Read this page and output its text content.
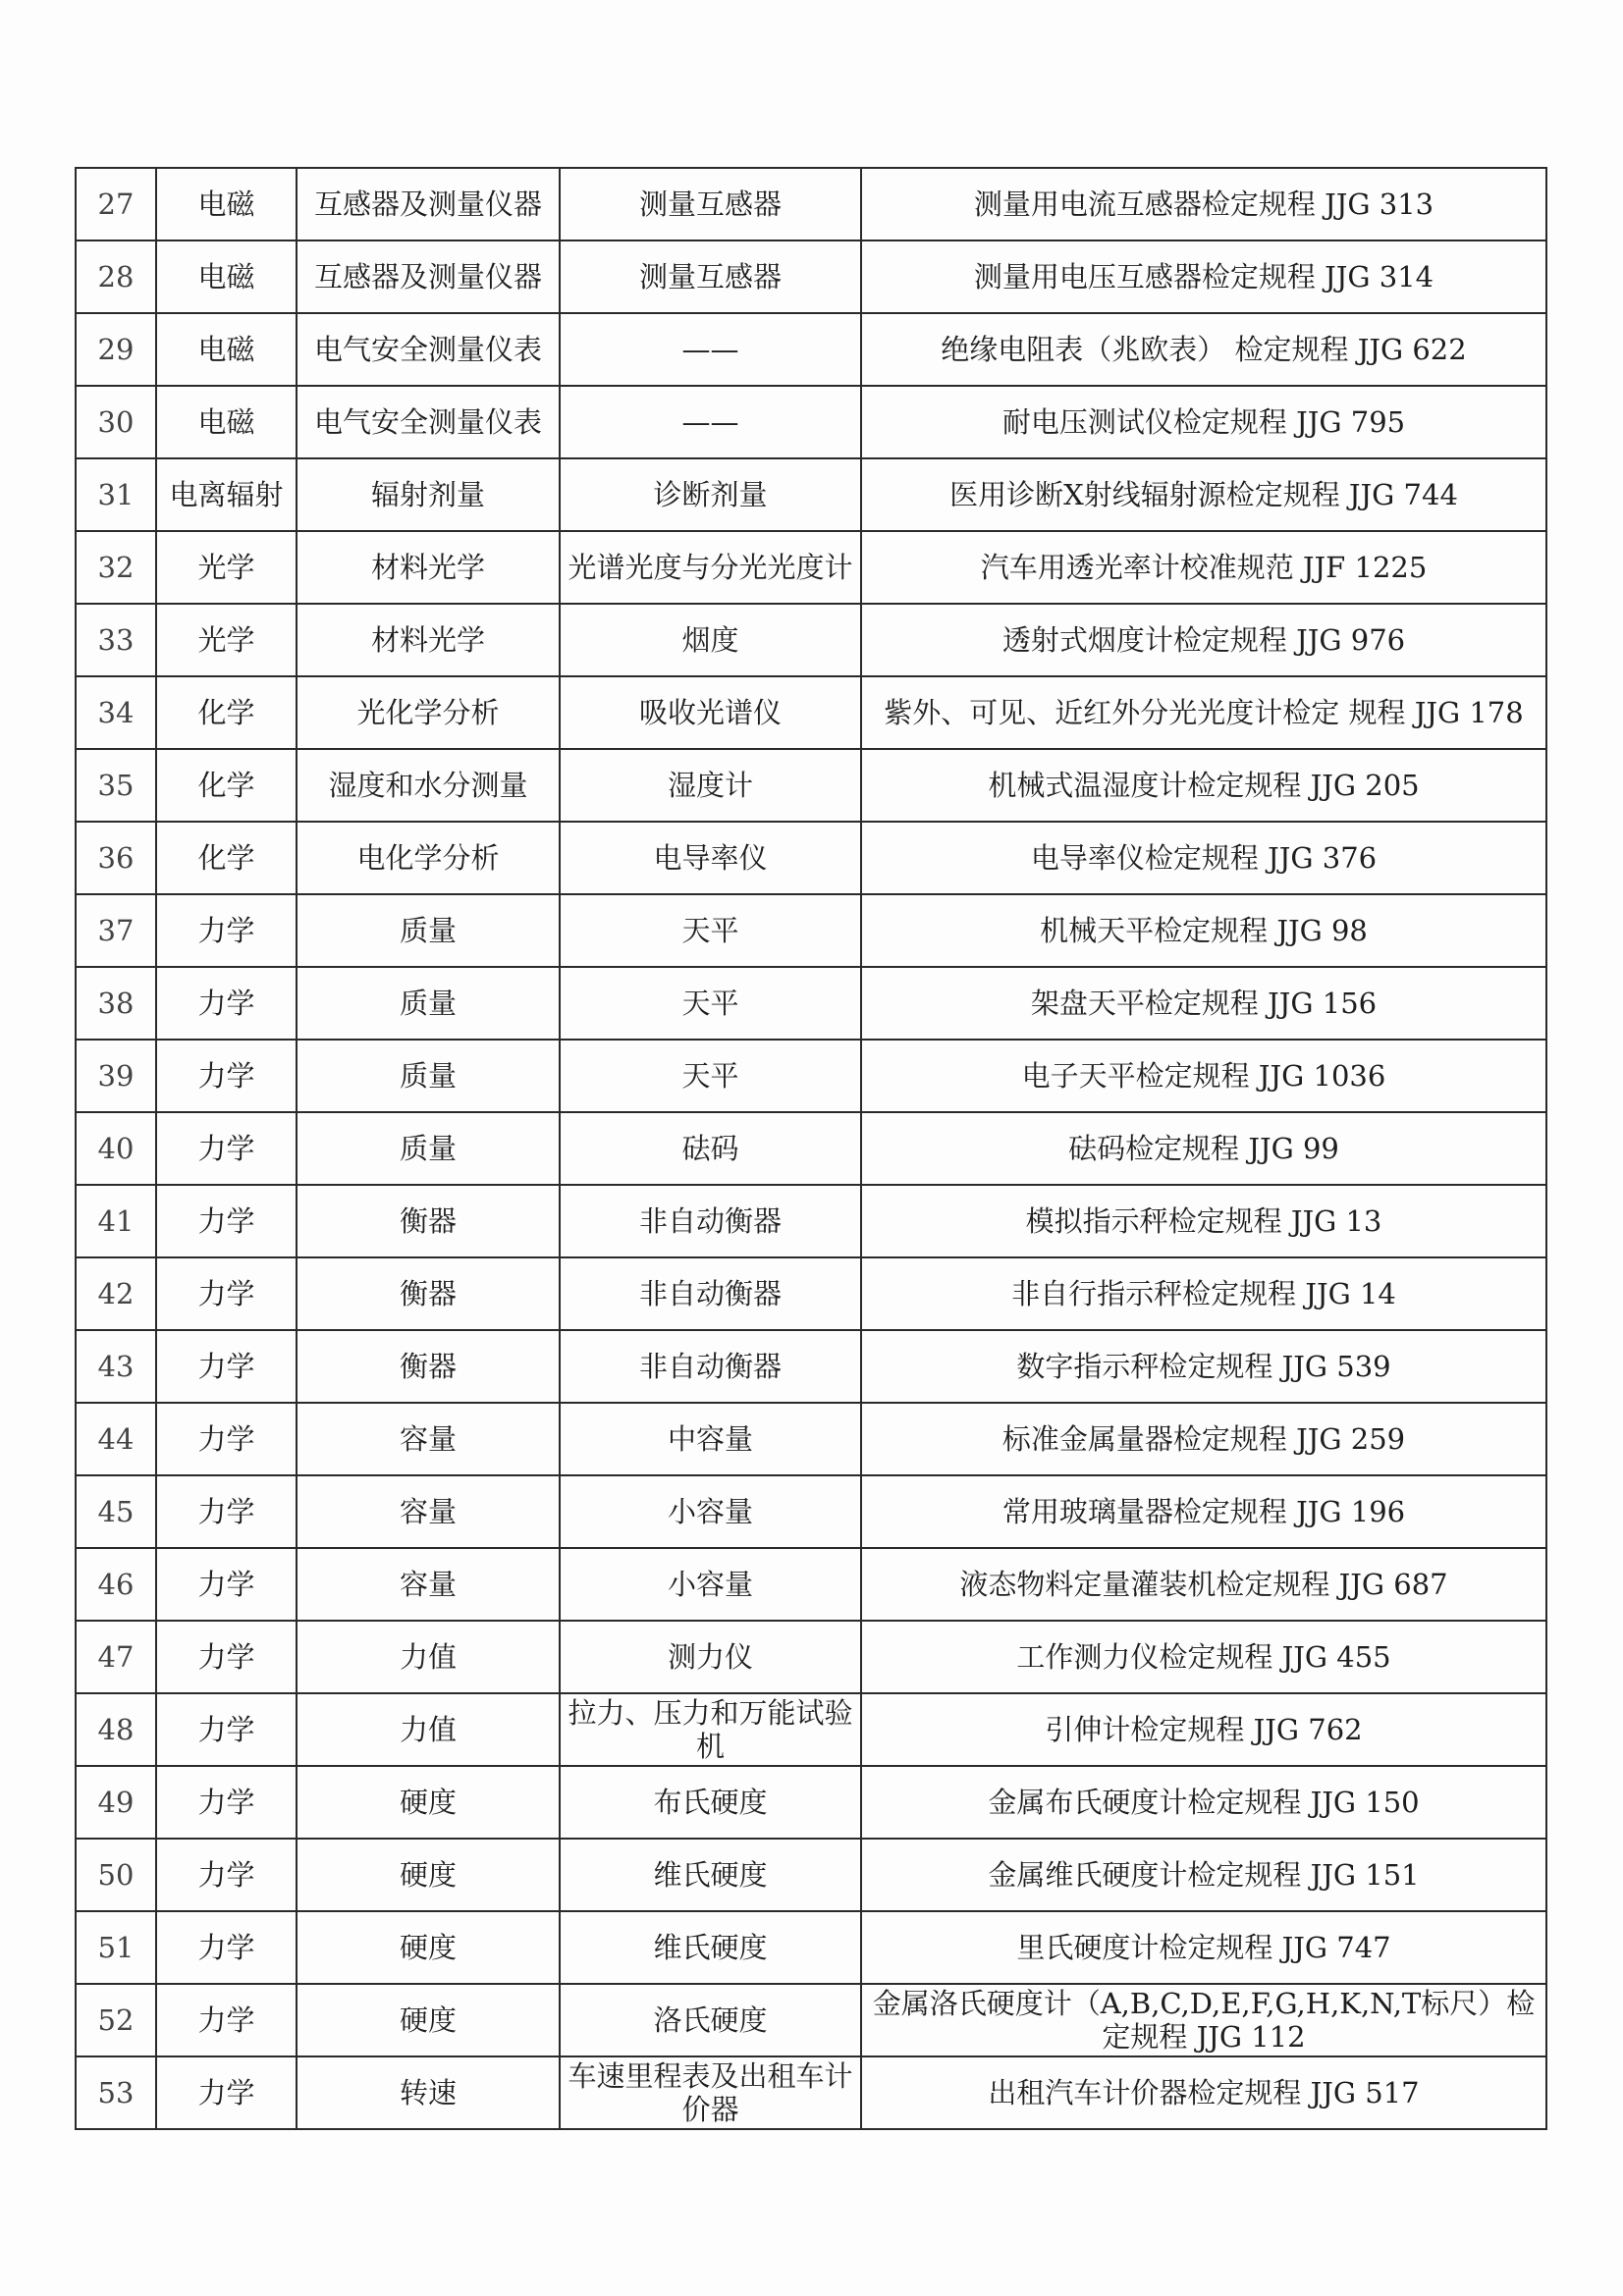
27	电磁	互感器及测量仪器	测量互感器	测量用电流互感器检定规程 JJG 313
28	电磁	互感器及测量仪器	测量互感器	测量用电压互感器检定规程 JJG 314
29	电磁	电气安全测量仪表	——	绝缘电阻表（兆欧表） 检定规程 JJG 622
30	电磁	电气安全测量仪表	——	耐电压测试仪检定规程 JJG 795
31	电离辐射	辐射剂量	诊断剂量	医用诊断X射线辐射源检定规程 JJG 744
32	光学	材料光学	光谱光度与分光光度计	汽车用透光率计校准规范 JJF 1225
33	光学	材料光学	烟度	透射式烟度计检定规程 JJG 976
34	化学	光化学分析	吸收光谱仪	紫外、可见、近红外分光光度计检定 规程 JJG 178
35	化学	湿度和水分测量	湿度计	机械式温湿度计检定规程 JJG 205
36	化学	电化学分析	电导率仪	电导率仪检定规程 JJG 376
37	力学	质量	天平	机械天平检定规程 JJG 98
38	力学	质量	天平	架盘天平检定规程 JJG 156
39	力学	质量	天平	电子天平检定规程 JJG 1036
40	力学	质量	砝码	砝码检定规程 JJG 99
41	力学	衡器	非自动衡器	模拟指示秤检定规程 JJG 13
42	力学	衡器	非自动衡器	非自行指示秤检定规程 JJG 14
43	力学	衡器	非自动衡器	数字指示秤检定规程 JJG 539
44	力学	容量	中容量	标准金属量器检定规程 JJG 259
45	力学	容量	小容量	常用玻璃量器检定规程 JJG 196
46	力学	容量	小容量	液态物料定量灌装机检定规程 JJG 687
47	力学	力值	测力仪	工作测力仪检定规程 JJG 455
48	力学	力值	拉力、压力和万能试验机	引伸计检定规程 JJG 762
49	力学	硬度	布氏硬度	金属布氏硬度计检定规程 JJG 150
50	力学	硬度	维氏硬度	金属维氏硬度计检定规程 JJG 151
51	力学	硬度	维氏硬度	里氏硬度计检定规程 JJG 747
52	力学	硬度	洛氏硬度	金属洛氏硬度计（A,B,C,D,E,F,G,H,K,N,T标尺）检定规程 JJG 112
53	力学	转速	车速里程表及出租车计价器	出租汽车计价器检定规程 JJG 517
